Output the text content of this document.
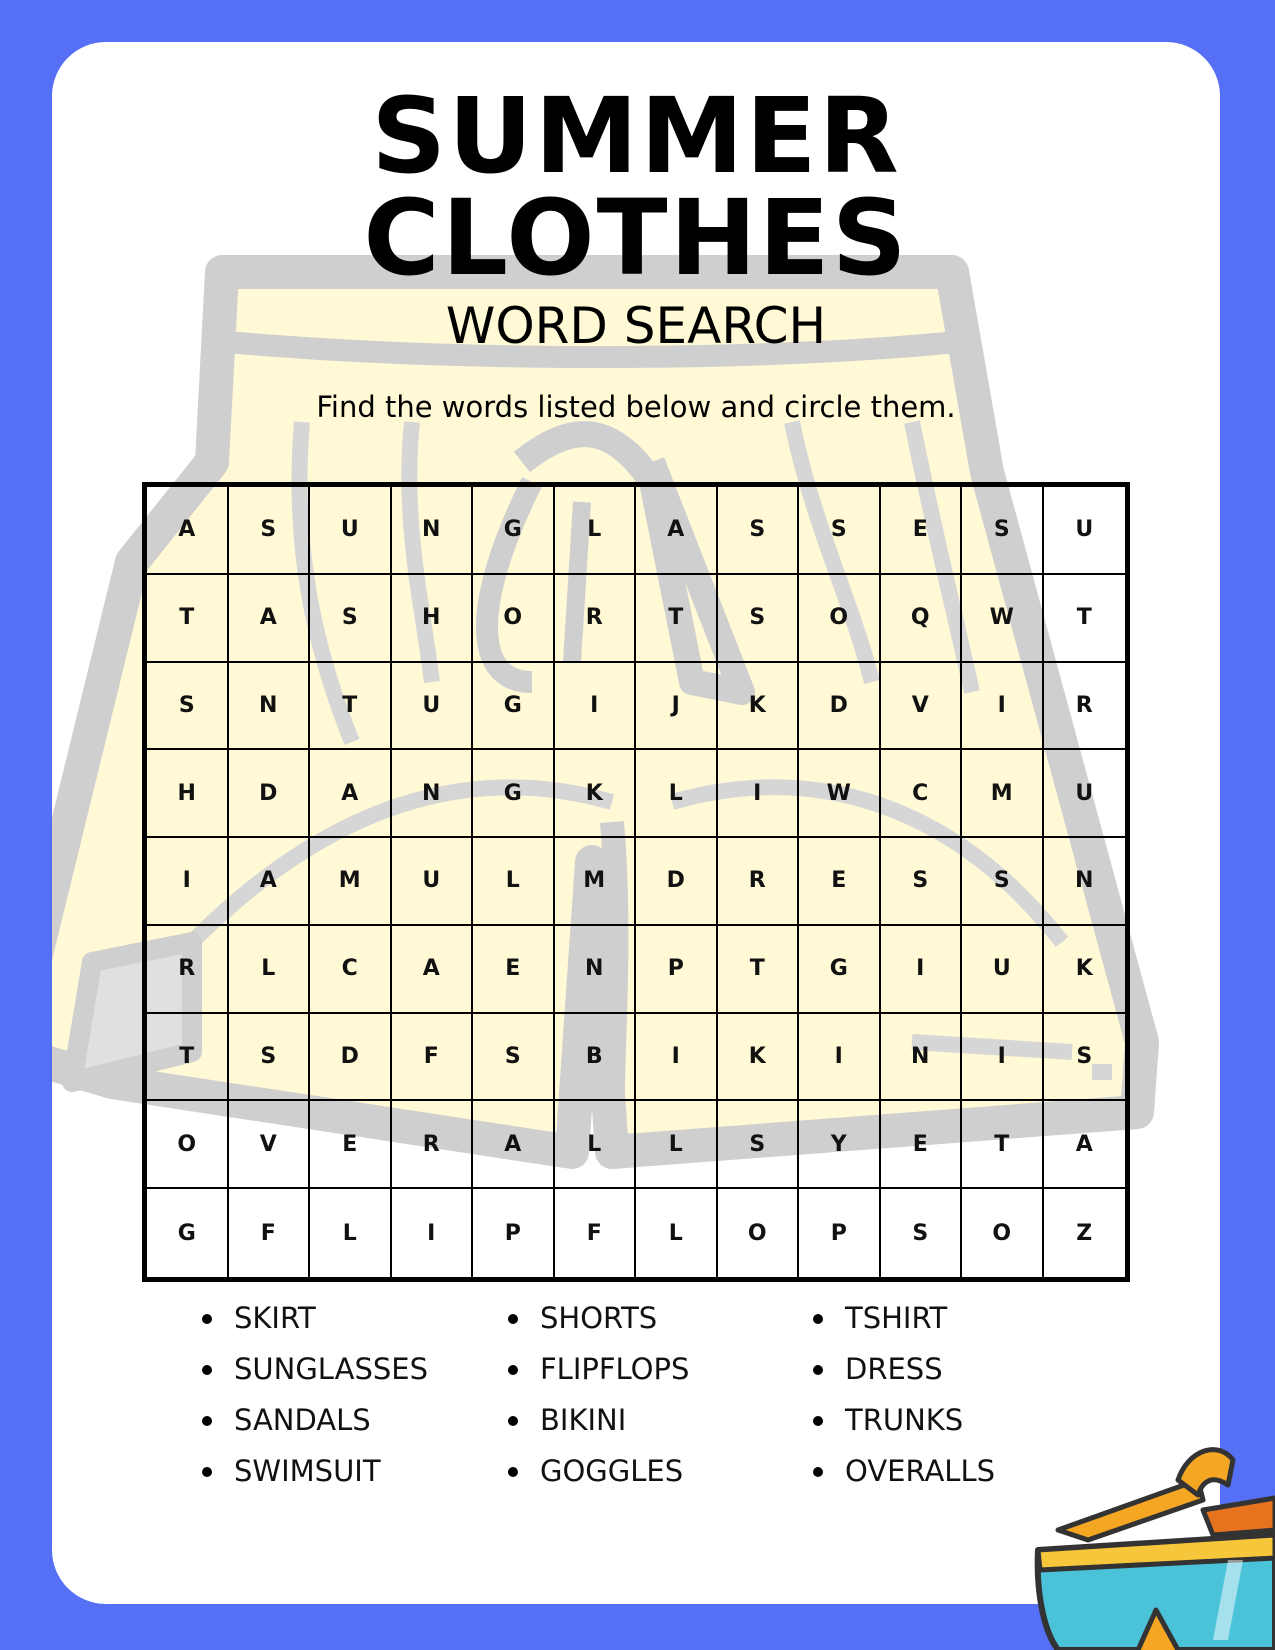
SUMMER
CLOTHES
WORD SEARCH
Find the words listed below and circle them.
A	S	U	N	G	L	A	S	S	E	S	U
T	A	S	H	O	R	T	S	O	Q	W	T
S	N	T	U	G	I	J	K	D	V	I	R
H	D	A	N	G	K	L	I	W	C	M	U
I	A	M	U	L	M	D	R	E	S	S	N
R	L	C	A	E	N	P	T	G	I	U	K
T	S	D	F	S	B	I	K	I	N	I	S
O	V	E	R	A	L	L	S	Y	E	T	A
G	F	L	I	P	F	L	O	P	S	O	Z
SKIRT	SHORTS	TSHIRT
SUNGLASSES	FLIPFLOPS	DRESS
SANDALS	BIKINI	TRUNKS
SWIMSUIT	GOGGLES	OVERALLS
